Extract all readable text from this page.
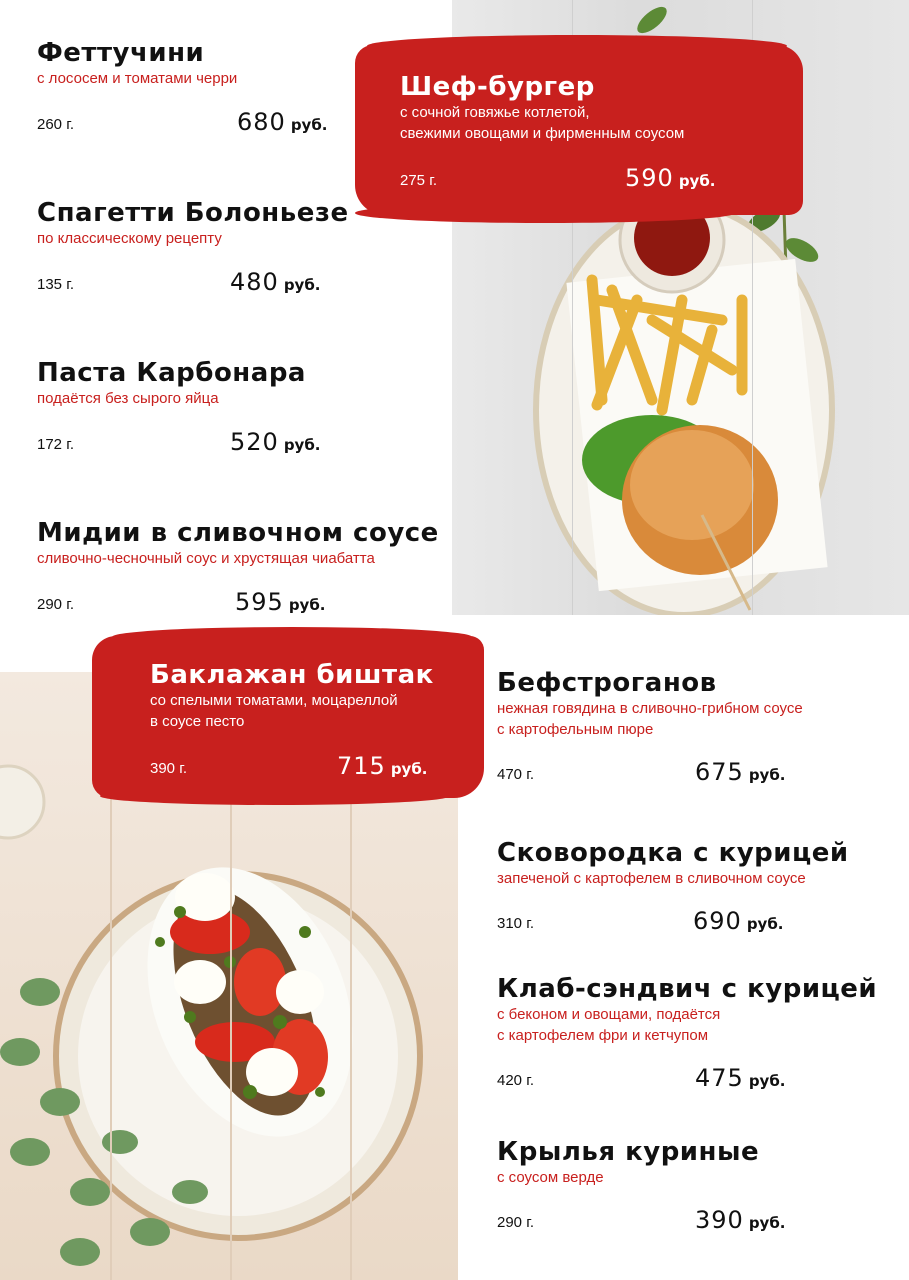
Феттучини
с лососем и томатами черри
260 г.	680 руб.
Спагетти Болоньезе
по классическому рецепту
135 г.	480 руб.
Паста Карбонара
подаётся без сырого яйца
172 г.	520 руб.
Мидии в сливочном соусе
сливочно-чесночный соус и хрустящая чиабатта
290 г.	595 руб.
Шеф-бургер
с сочной говяжье котлетой,
свежими овощами и фирменным соусом
275 г.	590 руб.
Баклажан биштак
со спелыми томатами, моцареллой
в соусе песто
390 г.	715 руб.
Бефстроганов
нежная говядина в сливочно-грибном соусе
с картофельным пюре
470 г.	675 руб.
Сковородка с курицей
запеченой с картофелем в сливочном соусе
310 г.	690 руб.
Клаб-сэндвич с курицей
с беконом и овощами, подаётся
с картофелем фри и кетчупом
420 г.	475 руб.
Крылья куриные
с соусом верде
290 г.	390 руб.
